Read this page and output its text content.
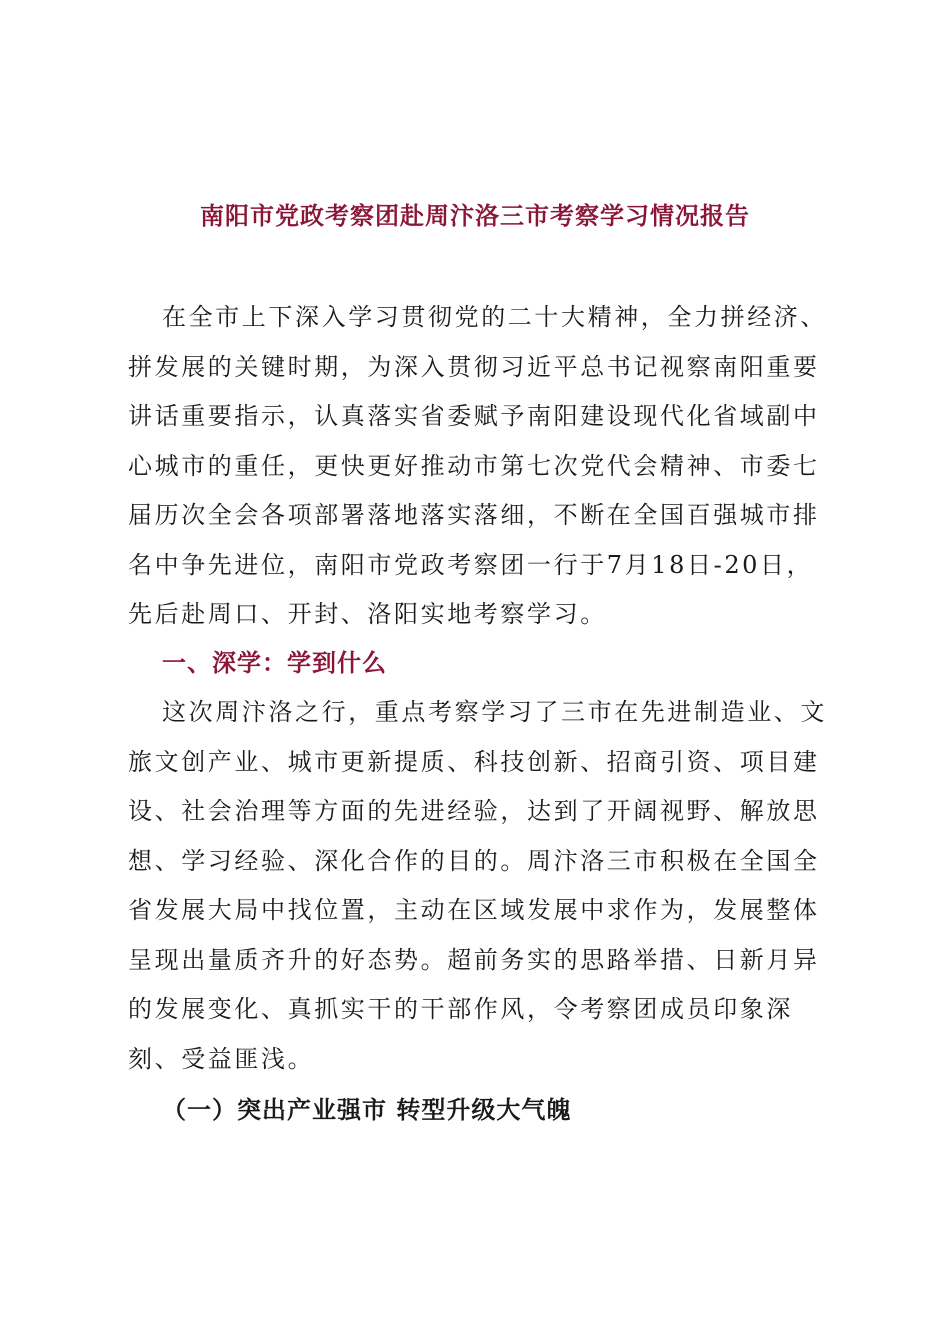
南阳市党政考察团赴周汴洛三市考察学习情况报告

在全市上下深入学习贯彻党的二十大精神，全力拼经济、拼发展的关键时期，为深入贯彻习近平总书记视察南阳重要讲话重要指示，认真落实省委赋予南阳建设现代化省域副中心城市的重任，更快更好推动市第七次党代会精神、市委七届历次全会各项部署落地落实落细，不断在全国百强城市排名中争先进位，南阳市党政考察团一行于7月18日-20日，先后赴周口、开封、洛阳实地考察学习。

一、深学：学到什么

这次周汴洛之行，重点考察学习了三市在先进制造业、文旅文创产业、城市更新提质、科技创新、招商引资、项目建设、社会治理等方面的先进经验，达到了开阔视野、解放思想、学习经验、深化合作的目的。周汴洛三市积极在全国全省发展大局中找位置，主动在区域发展中求作为，发展整体呈现出量质齐升的好态势。超前务实的思路举措、日新月异的发展变化、真抓实干的干部作风，令考察团成员印象深刻、受益匪浅。

（一）突出产业强市 转型升级大气魄
